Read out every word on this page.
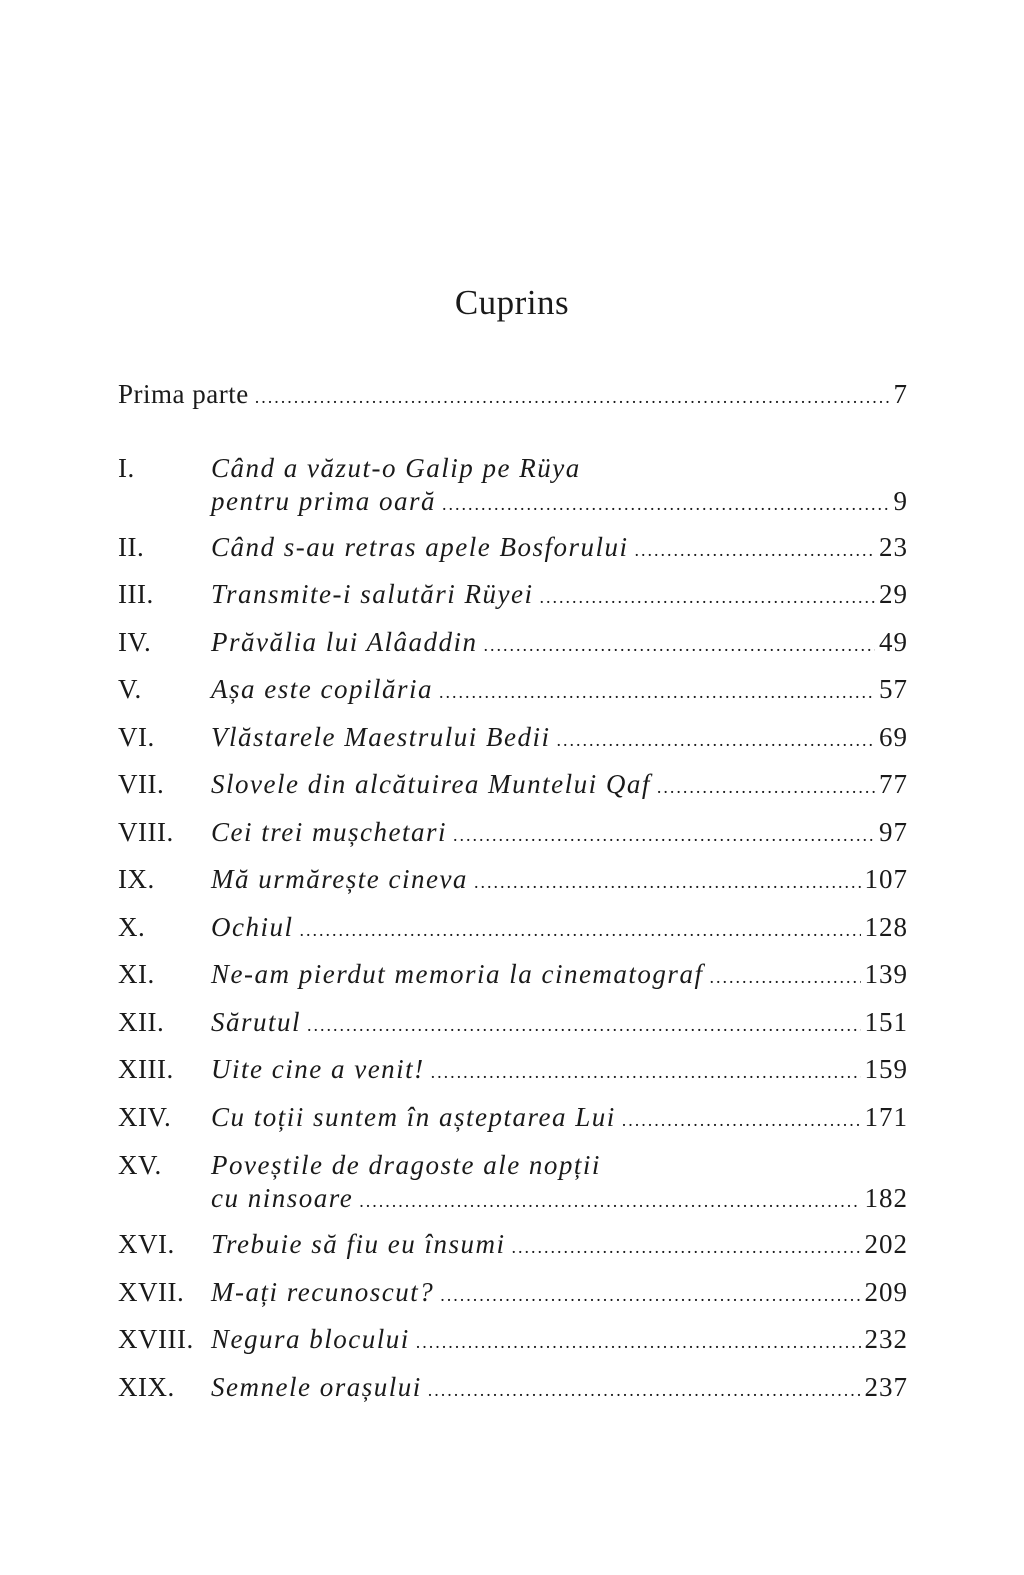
Cuprins
Prima parte .....	7
I.	Când a văzut-o Galip pe Rüya
pentru prima oară .....	9
II. Când s-au retras apele Bosforului .....	23
III. Transmite-i salutări Rüyei .....	29
IV. Prăvălia lui Alâaddin .....	49
V.	Așa este copilăria .....	57
VI. Vlăstarele Maestrului Bedii .....	69
VII. Slovele din alcătuirea Muntelui Qaf .....	77
VIII. Cei trei mușchetari .....	97
IX. Mă urmărește cineva .....	107
X. Ochiul .....	128
XI. Ne-am pierdut memoria la cinematograf .....	139
XII. Sărutul .....	151
XIII. Uite cine a venit! .....	159
XIV. Cu toții suntem în așteptarea Lui .....	171
XV. Poveștile de dragoste ale nopții
cu ninsoare .....	182
XVI. Trebuie să fiu eu însumi .....	202
XVII. M-ați recunoscut? .....	209
XVIII. Negura blocului .....	232
XIX. Semnele orașului .....	237
